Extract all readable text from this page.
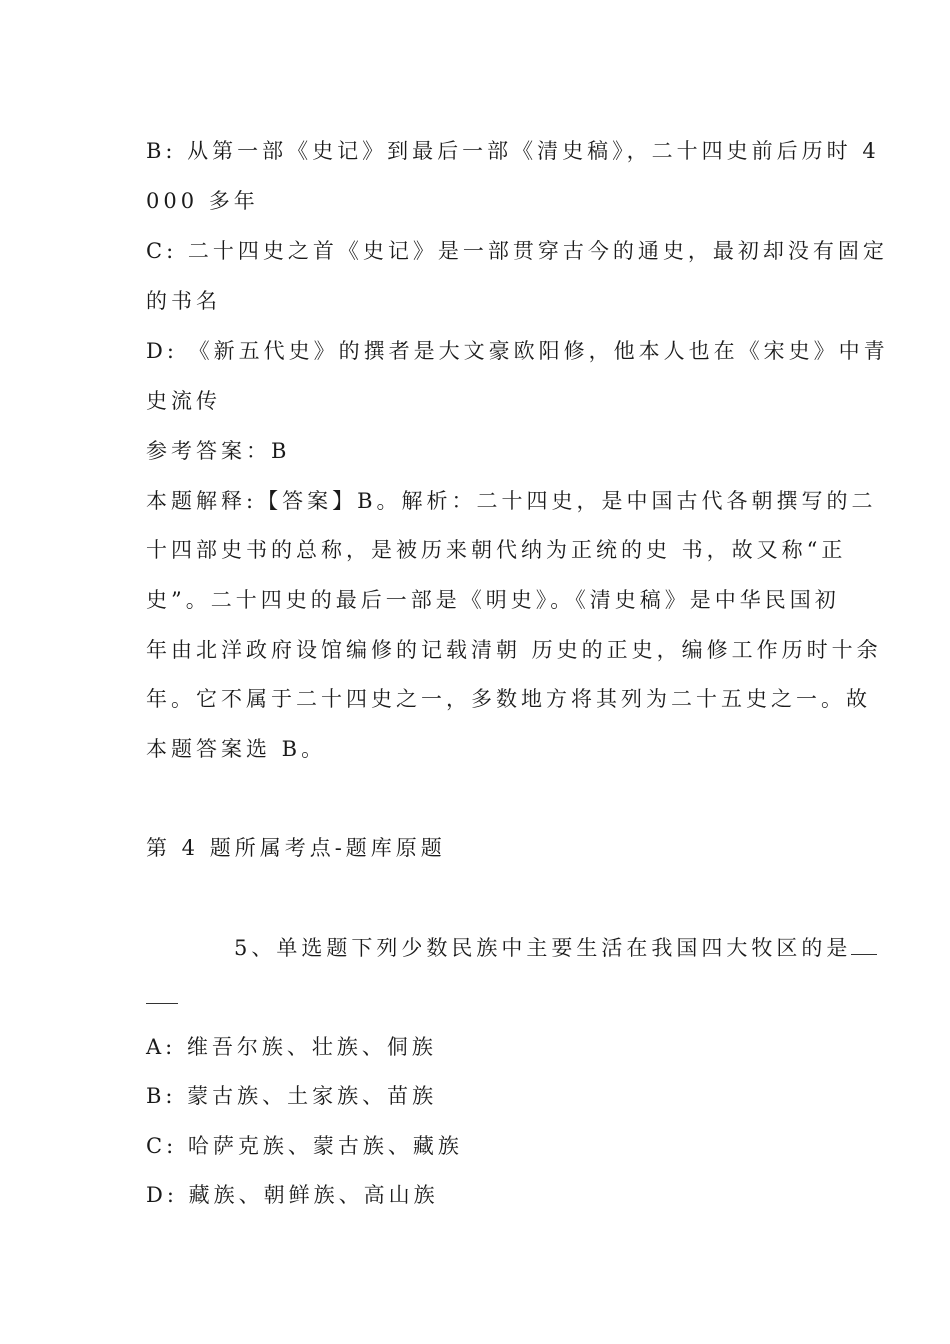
B: 从第一部《史记》到最后一部《清史稿》，二十四史前后历时 4
000 多年
C: 二十四史之首《史记》是一部贯穿古今的通史，最初却没有固定
的书名
D: 《新五代史》的撰者是大文豪欧阳修，他本人也在《宋史》中青
史流传
参考答案：B
本题解释:【答案】B。解析：二十四史，是中国古代各朝撰写的二
十四部史书的总称，是被历来朝代纳为正统的史 书，故又称“正
史”。二十四史的最后一部是《明史》。《清史稿》是中华民国初
年由北洋政府设馆编修的记载清朝 历史的正史，编修工作历时十余
年。它不属于二十四史之一，多数地方将其列为二十五史之一。故
本题答案选 B。
第 4 题所属考点-题库原题
5、单选题下列少数民族中主要生活在我国四大牧区的是
A: 维吾尔族、壮族、侗族
B: 蒙古族、土家族、苗族
C: 哈萨克族、蒙古族、藏族
D: 藏族、朝鲜族、高山族
